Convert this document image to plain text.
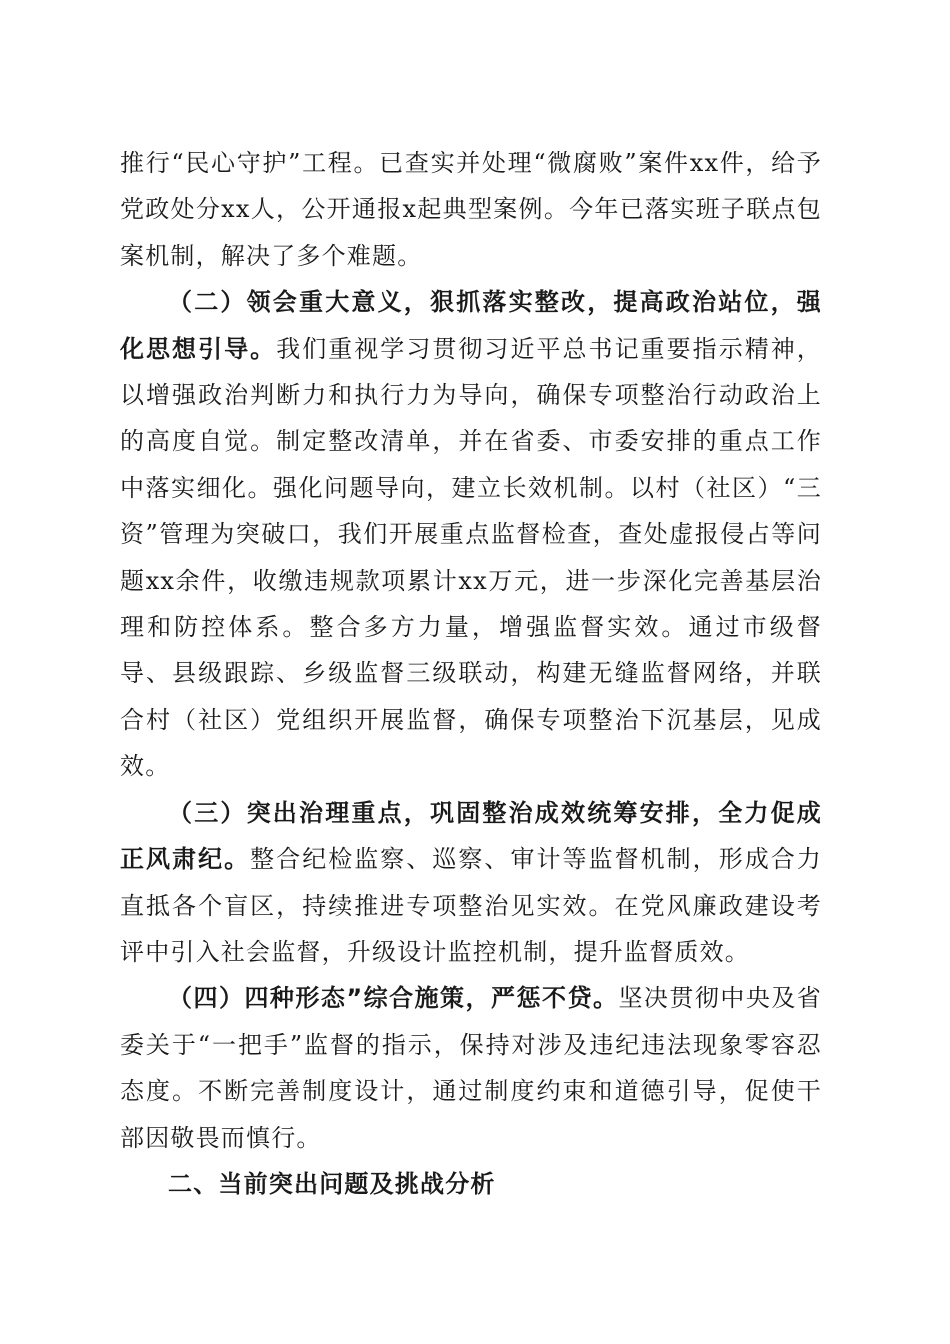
推行“民心守护”工程。已查实并处理“微腐败”案件xx件，给予党政处分xx人，公开通报x起典型案例。今年已落实班子联点包案机制，解决了多个难题。

（二）领会重大意义，狠抓落实整改，提高政治站位，强化思想引导。我们重视学习贯彻习近平总书记重要指示精神，以增强政治判断力和执行力为导向，确保专项整治行动政治上的高度自觉。制定整改清单，并在省委、市委安排的重点工作中落实细化。强化问题导向，建立长效机制。以村（社区）“三资”管理为突破口，我们开展重点监督检查，查处虚报侵占等问题xx余件，收缴违规款项累计xx万元，进一步深化完善基层治理和防控体系。整合多方力量，增强监督实效。通过市级督导、县级跟踪、乡级监督三级联动，构建无缝监督网络，并联合村（社区）党组织开展监督，确保专项整治下沉基层，见成效。

（三）突出治理重点，巩固整治成效统筹安排，全力促成正风肃纪。整合纪检监察、巡察、审计等监督机制，形成合力直抵各个盲区，持续推进专项整治见实效。在党风廉政建设考评中引入社会监督，升级设计监控机制，提升监督质效。

（四）四种形态”综合施策，严惩不贷。坚决贯彻中央及省委关于“一把手”监督的指示，保持对涉及违纪违法现象零容忍态度。不断完善制度设计，通过制度约束和道德引导，促使干部因敬畏而慎行。

二、当前突出问题及挑战分析
